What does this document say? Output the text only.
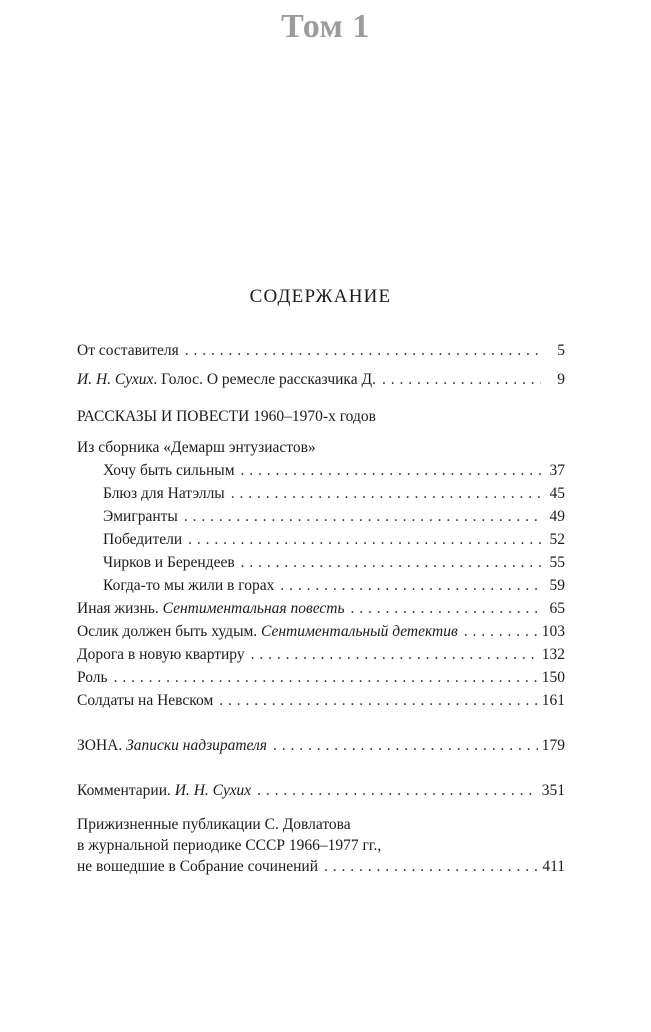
Том 1
СОДЕРЖАНИЕ
От составителя . . .	5
И. Н. Сухих. Голос. О ремесле рассказчика Д. . . .	9
РАССКАЗЫ И ПОВЕСТИ 1960–1970-х годов
Из сборника «Демарш энтузиастов»
Хочу быть сильным . . .	37
Блюз для Натэллы . . .	45
Эмигранты . . .	49
Победители . . .	52
Чирков и Берендеев . . .	55
Когда-то мы жили в горах . . .	59
Иная жизнь. Сентиментальная повесть . . .	65
Ослик должен быть худым. Сентиментальный детектив . . .	103
Дорога в новую квартиру . . .	132
Роль . . .	150
Солдаты на Невском . . .	161
ЗОНА. Записки надзирателя . . .	179
Комментарии. И. Н. Сухих . . .	351
Прижизненные публикации С. Довлатова
в журнальной периодике СССР 1966–1977 гг.,
не вошедшие в Собрание сочинений . . .	411
